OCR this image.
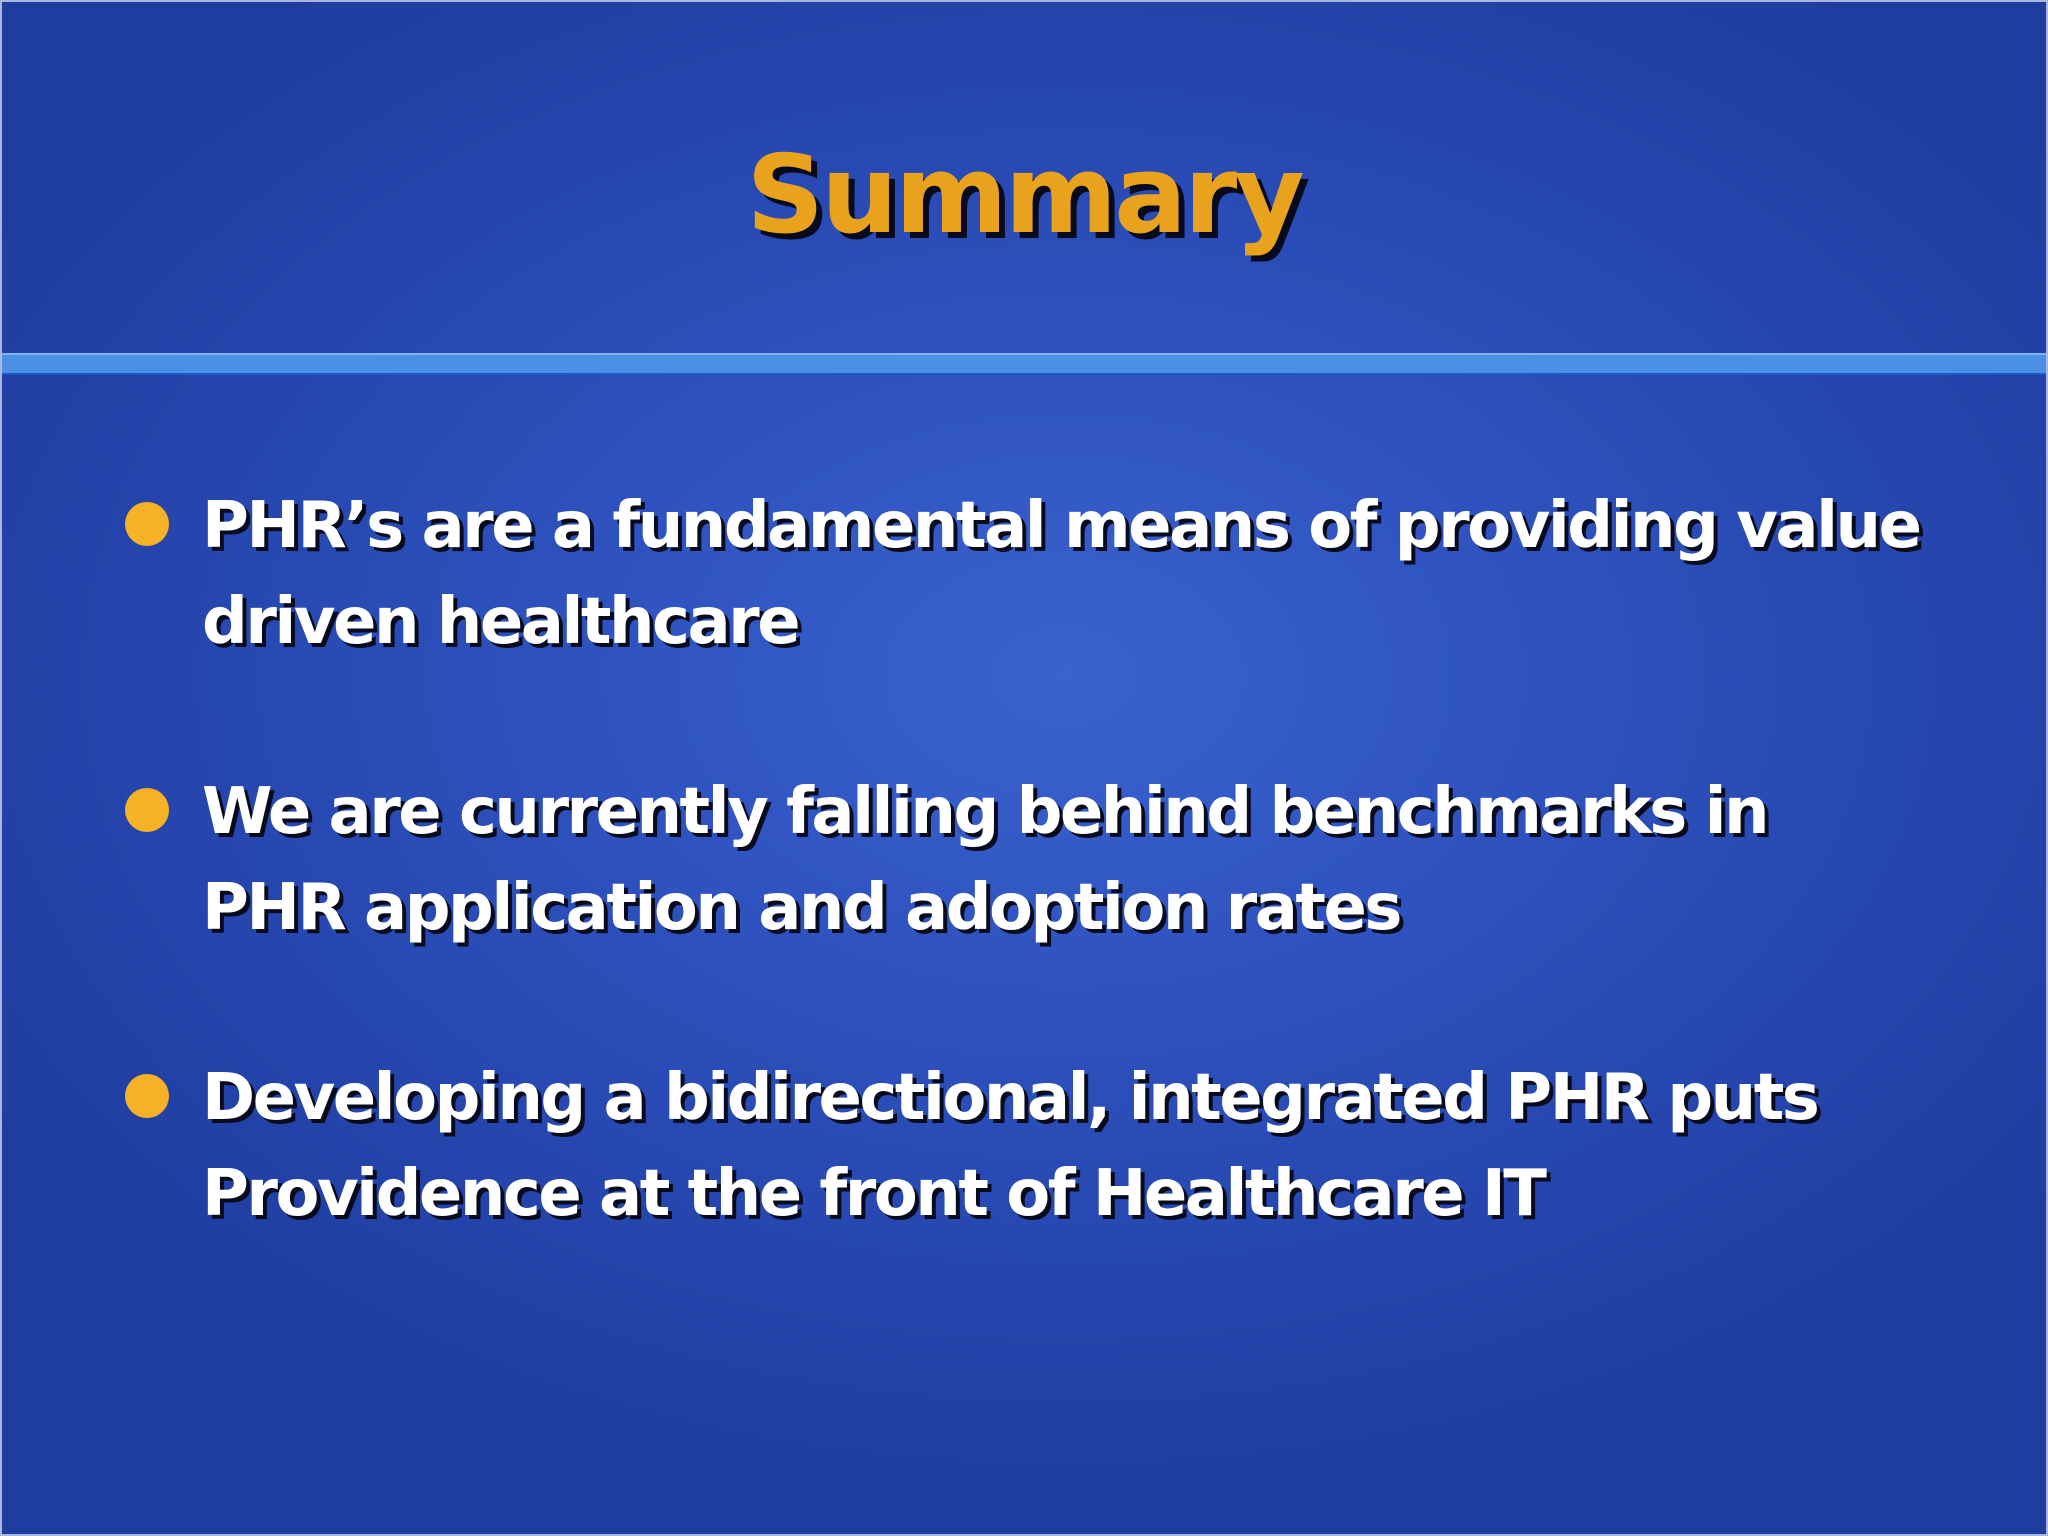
Summary
PHR’s are a fundamental means of providing value
driven healthcare
We are currently falling behind benchmarks in
PHR application and adoption rates
Developing a bidirectional, integrated PHR puts
Providence at the front of Healthcare IT
